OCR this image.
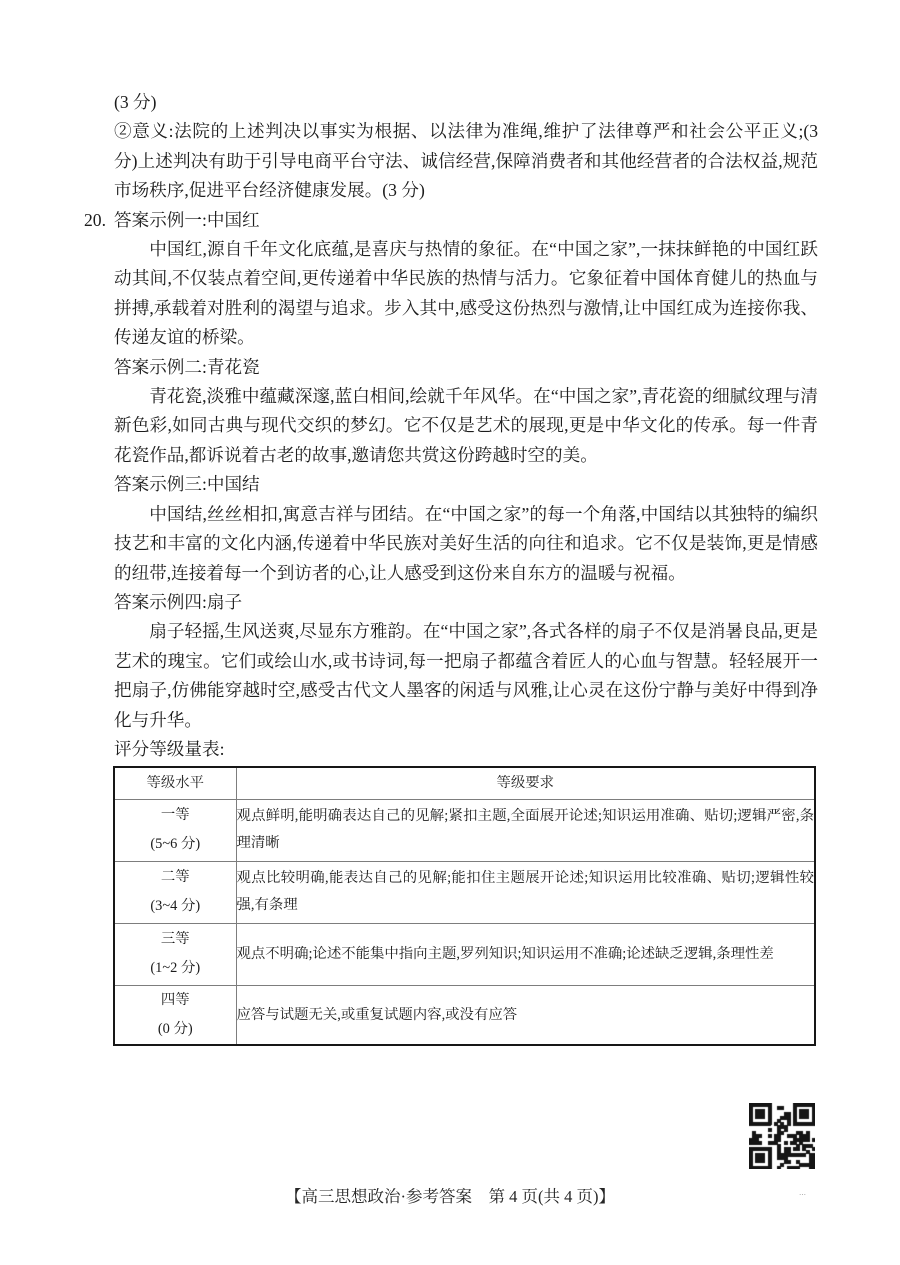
(3 分)

②意义:法院的上述判决以事实为根据、以法律为准绳,维护了法律尊严和社会公平正义;(3 分)上述判决有助于引导电商平台守法、诚信经营,保障消费者和其他经营者的合法权益,规范市场秩序,促进平台经济健康发展。(3 分)

20. 答案示例一:中国红

中国红,源自千年文化底蕴,是喜庆与热情的象征。在“中国之家”,一抹抹鲜艳的中国红跃动其间,不仅装点着空间,更传递着中华民族的热情与活力。它象征着中国体育健儿的热血与拼搏,承载着对胜利的渴望与追求。步入其中,感受这份热烈与激情,让中国红成为连接你我、传递友谊的桥梁。

答案示例二:青花瓷

青花瓷,淡雅中蕴藏深邃,蓝白相间,绘就千年风华。在“中国之家”,青花瓷的细腻纹理与清新色彩,如同古典与现代交织的梦幻。它不仅是艺术的展现,更是中华文化的传承。每一件青花瓷作品,都诉说着古老的故事,邀请您共赏这份跨越时空的美。

答案示例三:中国结

中国结,丝丝相扣,寓意吉祥与团结。在“中国之家”的每一个角落,中国结以其独特的编织技艺和丰富的文化内涵,传递着中华民族对美好生活的向往和追求。它不仅是装饰,更是情感的纽带,连接着每一个到访者的心,让人感受到这份来自东方的温暖与祝福。

答案示例四:扇子

扇子轻摇,生风送爽,尽显东方雅韵。在“中国之家”,各式各样的扇子不仅是消暑良品,更是艺术的瑰宝。它们或绘山水,或书诗词,每一把扇子都蕴含着匠人的心血与智慧。轻轻展开一把扇子,仿佛能穿越时空,感受古代文人墨客的闲适与风雅,让心灵在这份宁静与美好中得到净化与升华。

评分等级量表:

等级水平	等级要求

一等
(5~6 分)	观点鲜明,能明确表达自己的见解;紧扣主题,全面展开论述;知识运用准确、贴切;逻辑严密,条理清晰

二等
(3~4 分)	观点比较明确,能表达自己的见解;能扣住主题展开论述;知识运用比较准确、贴切;逻辑性较强,有条理

三等
(1~2 分)	观点不明确;论述不能集中指向主题,罗列知识;知识运用不准确;论述缺乏逻辑,条理性差

四等
(0 分)	应答与试题无关,或重复试题内容,或没有应答
⋯
【高三思想政治·参考答案　第 4 页(共 4 页)】
